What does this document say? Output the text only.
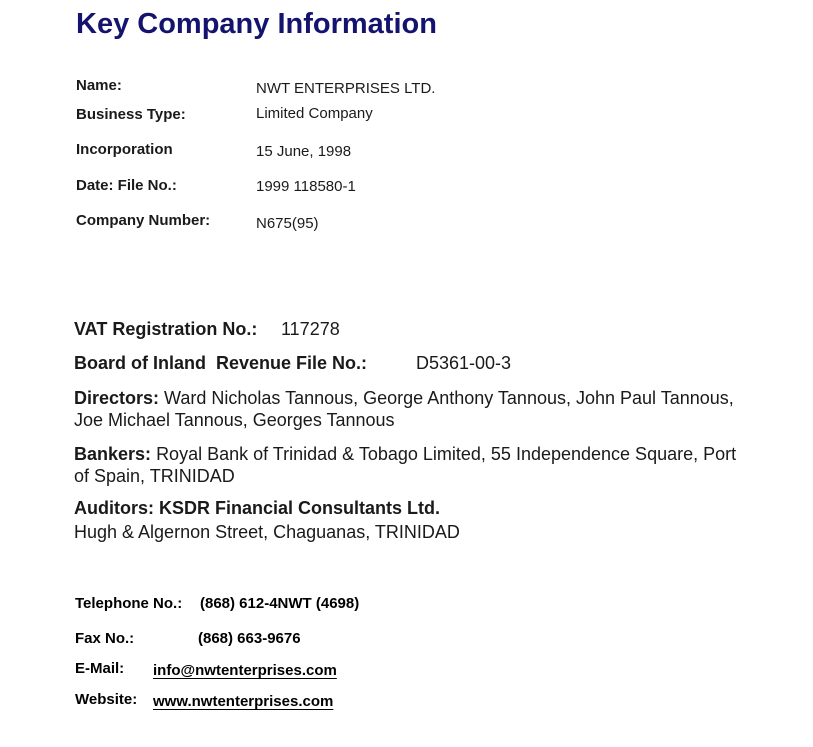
Key Company Information
Name:	NWT ENTERPRISES LTD.
Business Type:	Limited Company
Incorporation	15 June, 1998
Date: File No.:	1999 118580-1
Company Number:	N675(95)
VAT Registration No.: 117278
Board of Inland  Revenue File No.:	D5361-00-3
Directors: Ward Nicholas Tannous, George Anthony Tannous, John Paul Tannous, Joe Michael Tannous, Georges Tannous
Bankers: Royal Bank of Trinidad & Tobago Limited, 55 Independence Square, Port of Spain, TRINIDAD
Auditors: KSDR Financial Consultants Ltd.
Hugh & Algernon Street, Chaguanas, TRINIDAD
Telephone No.: (868) 612-4NWT (4698)
Fax No.:	(868) 663-9676
E-Mail: info@nwtenterprises.com
Website: www.nwtenterprises.com
